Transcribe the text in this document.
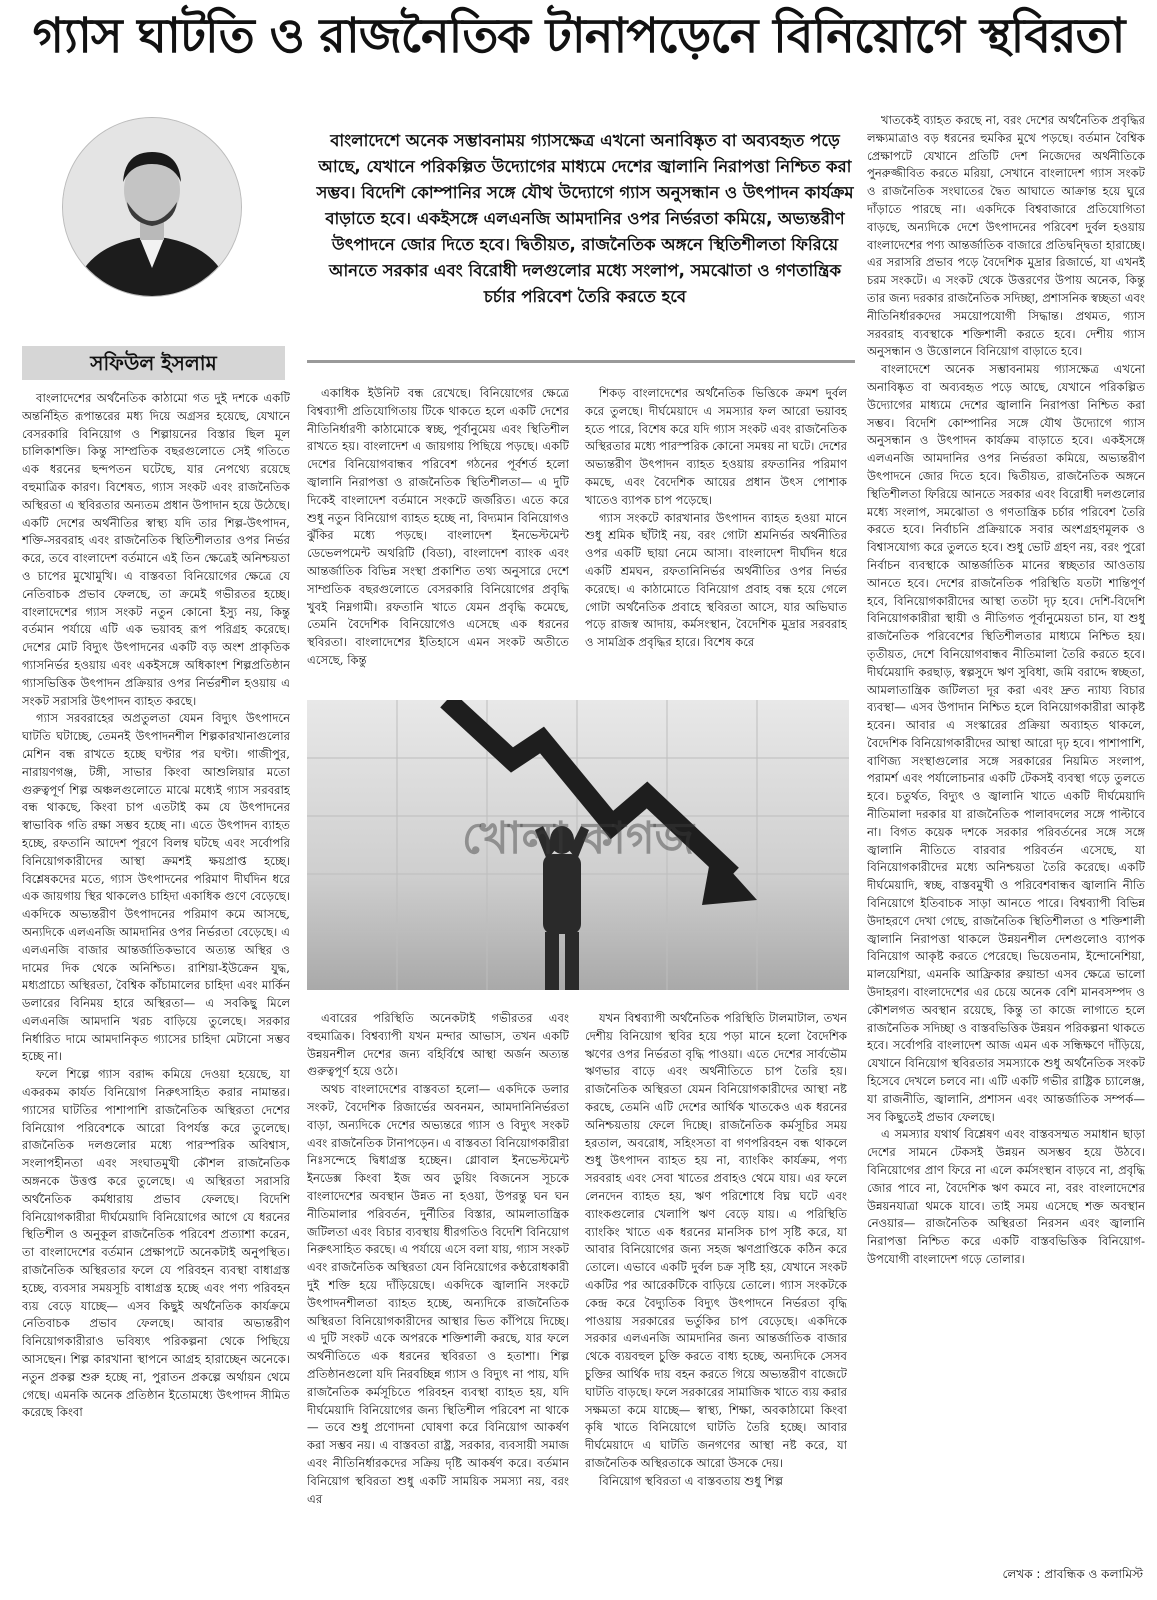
গ্যাস ঘাটতি ও রাজনৈতিক টানাপড়েনে বিনিয়োগে স্থবিরতা
সফিউল ইসলাম
বাংলাদেশে অনেক সম্ভাবনাময় গ্যাসক্ষেত্র এখনো অনাবিষ্কৃত বা অব্যবহৃত পড়ে আছে, যেখানে পরিকল্পিত উদ্যোগের মাধ্যমে দেশের জ্বালানি নিরাপত্তা নিশ্চিত করা সম্ভব। বিদেশি কোম্পানির সঙ্গে যৌথ উদ্যোগে গ্যাস অনুসন্ধান ও উৎপাদন কার্যক্রম বাড়াতে হবে। একইসঙ্গে এলএনজি আমদানির ওপর নির্ভরতা কমিয়ে, অভ্যন্তরীণ উৎপাদনে জোর দিতে হবে। দ্বিতীয়ত, রাজনৈতিক অঙ্গনে স্থিতিশীলতা ফিরিয়ে আনতে সরকার এবং বিরোধী দলগুলোর মধ্যে সংলাপ, সমঝোতা ও গণতান্ত্রিক চর্চার পরিবেশ তৈরি করতে হবে

বাংলাদেশের অর্থনৈতিক কাঠামো গত দুই দশকে একটি অন্তর্নিহিত রূপান্তরের মধ্য দিয়ে অগ্রসর হয়েছে, যেখানে বেসরকারি বিনিয়োগ ও শিল্পায়নের বিস্তার ছিল মূল চালিকাশক্তি। কিন্তু সাম্প্রতিক বছরগুলোতে সেই গতিতে এক ধরনের ছন্দপতন ঘটেছে, যার নেপথ্যে রয়েছে বহুমাত্রিক কারণ। বিশেষত, গ্যাস সংকট এবং রাজনৈতিক অস্থিরতা এ স্থবিরতার অন্যতম প্রধান উপাদান হয়ে উঠেছে। একটি দেশের অর্থনীতির স্বাস্থ্য যদি তার শিল্প-উৎপাদন, শক্তি-সরবরাহ এবং রাজনৈতিক স্থিতিশীলতার ওপর নির্ভর করে, তবে বাংলাদেশ বর্তমানে এই তিন ক্ষেত্রেই অনিশ্চয়তা ও চাপের মুখোমুখি। এ বাস্তবতা বিনিয়োগের ক্ষেত্রে যে নেতিবাচক প্রভাব ফেলছে, তা ক্রমেই গভীরতর হচ্ছে। বাংলাদেশের গ্যাস সংকট নতুন কোনো ইস্যু নয়, কিন্তু বর্তমান পর্যায়ে এটি এক ভয়াবহ রূপ পরিগ্রহ করেছে। দেশের মোট বিদ্যুৎ উৎপাদনের একটি বড় অংশ প্রাকৃতিক গ্যাসনির্ভর হওয়ায় এবং একইসঙ্গে অধিকাংশ শিল্পপ্রতিষ্ঠান গ্যাসভিত্তিক উৎপাদন প্রক্রিয়ার ওপর নির্ভরশীল হওয়ায় এ সংকট সরাসরি উৎপাদন ব্যাহত করছে।

গ্যাস সরবরাহের অপ্রতুলতা যেমন বিদ্যুৎ উৎপাদনে ঘাটতি ঘটাচ্ছে, তেমনই উৎপাদনশীল শিল্পকারখানাগুলোর মেশিন বন্ধ রাখতে হচ্ছে ঘণ্টার পর ঘণ্টা। গাজীপুর, নারায়ণগঞ্জ, টঙ্গী, সাভার কিংবা আশুলিয়ার মতো গুরুত্বপূর্ণ শিল্প অঞ্চলগুলোতে মাঝে মধ্যেই গ্যাস সরবরাহ বন্ধ থাকছে, কিংবা চাপ এতটাই কম যে উৎপাদনের স্বাভাবিক গতি রক্ষা সম্ভব হচ্ছে না। এতে উৎপাদন ব্যাহত হচ্ছে, রফতানি আদেশ পূরণে বিলম্ব ঘটছে এবং সর্বোপরি বিনিয়োগকারীদের আস্থা ক্রমশই ক্ষয়প্রাপ্ত হচ্ছে। বিশ্লেষকদের মতে, গ্যাস উৎপাদনের পরিমাণ দীর্ঘদিন ধরে এক জায়গায় স্থির থাকলেও চাহিদা একাধিক গুণে বেড়েছে। একদিকে অভ্যন্তরীণ উৎপাদনের পরিমাণ কমে আসছে, অন্যদিকে এলএনজি আমদানির ওপর নির্ভরতা বেড়েছে। এ এলএনজি বাজার আন্তর্জাতিকভাবে অত্যন্ত অস্থির ও দামের দিক থেকে অনিশ্চিত। রাশিয়া-ইউক্রেন যুদ্ধ, মধ্যপ্রাচ্যে অস্থিরতা, বৈশ্বিক কাঁচামালের চাহিদা এবং মার্কিন ডলারের বিনিময় হারে অস্থিরতা— এ সবকিছু মিলে এলএনজি আমদানি খরচ বাড়িয়ে তুলেছে। সরকার নির্ধারিত দামে আমদানিকৃত গ্যাসের চাহিদা মেটানো সম্ভব হচ্ছে না।

ফলে শিল্পে গ্যাস বরাদ্দ কমিয়ে দেওয়া হয়েছে, যা একরকম কার্যত বিনিয়োগ নিরুৎসাহিত করার নামান্তর। গ্যাসের ঘাটতির পাশাপাশি রাজনৈতিক অস্থিরতা দেশের বিনিয়োগ পরিবেশকে আরো বিপর্যস্ত করে তুলেছে। রাজনৈতিক দলগুলোর মধ্যে পারস্পরিক অবিশ্বাস, সংলাপহীনতা এবং সংঘাতমুখী কৌশল রাজনৈতিক অঙ্গনকে উত্তপ্ত করে তুলেছে। এ অস্থিরতা সরাসরি অর্থনৈতিক কর্মধারায় প্রভাব ফেলছে। বিদেশি বিনিয়োগকারীরা দীর্ঘমেয়াদি বিনিয়োগের আগে যে ধরনের স্থিতিশীল ও অনুকূল রাজনৈতিক পরিবেশ প্রত্যাশা করেন, তা বাংলাদেশের বর্তমান প্রেক্ষাপটে অনেকটাই অনুপস্থিত। রাজনৈতিক অস্থিরতার ফলে যে পরিবহন ব্যবস্থা বাধাগ্রস্ত হচ্ছে, ব্যবসার সময়সূচি বাধাগ্রস্ত হচ্ছে এবং পণ্য পরিবহন ব্যয় বেড়ে যাচ্ছে— এসব কিছুই অর্থনৈতিক কার্যক্রমে নেতিবাচক প্রভাব ফেলছে। আবার অভ্যন্তরীণ বিনিয়োগকারীরাও ভবিষ্যৎ পরিকল্পনা থেকে পিছিয়ে আসছেন। শিল্প কারখানা স্থাপনে আগ্রহ হারাচ্ছেন অনেকে। নতুন প্রকল্প শুরু হচ্ছে না, পুরাতন প্রকল্পে অর্থায়ন থেমে গেছে। এমনকি অনেক প্রতিষ্ঠান ইতোমধ্যে উৎপাদন সীমিত করেছে কিংবা

একাধিক ইউনিট বন্ধ রেখেছে। বিনিয়োগের ক্ষেত্রে বিশ্বব্যাপী প্রতিযোগিতায় টিকে থাকতে হলে একটি দেশের নীতিনির্ধারণী কাঠামোকে স্বচ্ছ, পূর্বানুমেয় এবং স্থিতিশীল রাখতে হয়। বাংলাদেশ এ জায়গায় পিছিয়ে পড়ছে। একটি দেশের বিনিয়োগবান্ধব পরিবেশ গঠনের পূর্বশর্ত হলো জ্বালানি নিরাপত্তা ও রাজনৈতিক স্থিতিশীলতা— এ দুটি দিকেই বাংলাদেশ বর্তমানে সংকটে জর্জরিত। এতে করে শুধু নতুন বিনিয়োগ ব্যাহত হচ্ছে না, বিদ্যমান বিনিয়োগও ঝুঁকির মধ্যে পড়ছে। বাংলাদেশ ইনভেস্টমেন্ট ডেভেলপমেন্ট অথরিটি (বিডা), বাংলাদেশ ব্যাংক এবং আন্তর্জাতিক বিভিন্ন সংস্থা প্রকাশিত তথ্য অনুসারে দেশে সাম্প্রতিক বছরগুলোতে বেসরকারি বিনিয়োগের প্রবৃদ্ধি খুবই নিম্নগামী। রফতানি খাতে যেমন প্রবৃদ্ধি কমেছে, তেমনি বৈদেশিক বিনিয়োগেও এসেছে এক ধরনের স্থবিরতা। বাংলাদেশের ইতিহাসে এমন সংকট অতীতে এসেছে, কিন্তু

শিকড় বাংলাদেশের অর্থনৈতিক ভিত্তিকে ক্রমশ দুর্বল করে তুলছে। দীর্ঘমেয়াদে এ সমস্যার ফল আরো ভয়াবহ হতে পারে, বিশেষ করে যদি গ্যাস সংকট এবং রাজনৈতিক অস্থিরতার মধ্যে পারস্পরিক কোনো সমন্বয় না ঘটে। দেশের অভ্যন্তরীণ উৎপাদন ব্যাহত হওয়ায় রফতানির পরিমাণ কমছে, এবং বৈদেশিক আয়ের প্রধান উৎস পোশাক খাতেও ব্যাপক চাপ পড়েছে।

গ্যাস সংকটে কারখানার উৎপাদন ব্যাহত হওয়া মানে শুধু শ্রমিক ছাঁটাই নয়, বরং গোটা শ্রমনির্ভর অর্থনীতির ওপর একটি ছায়া নেমে আসা। বাংলাদেশ দীর্ঘদিন ধরে একটি শ্রমঘন, রফতানিনির্ভর অর্থনীতির ওপর নির্ভর করেছে। এ কাঠামোতে বিনিয়োগ প্রবাহ বন্ধ হয়ে গেলে গোটা অর্থনৈতিক প্রবাহে স্থবিরতা আসে, যার অভিঘাত পড়ে রাজস্ব আদায়, কর্মসংস্থান, বৈদেশিক মুদ্রার সরবরাহ ও সামগ্রিক প্রবৃদ্ধির হারে। বিশেষ করে

খোলা কাগজ

এবারের পরিস্থিতি অনেকটাই গভীরতর এবং বহুমাত্রিক। বিশ্বব্যাপী যখন মন্দার আভাস, তখন একটি উন্নয়নশীল দেশের জন্য বহির্বিশ্বে আস্থা অর্জন অত্যন্ত গুরুত্বপূর্ণ হয়ে ওঠে।

অথচ বাংলাদেশের বাস্তবতা হলো— একদিকে ডলার সংকট, বৈদেশিক রিজার্ভের অবনমন, আমদানিনির্ভরতা বাড়া, অন্যদিকে দেশের অভ্যন্তরে গ্যাস ও বিদ্যুৎ সংকট এবং রাজনৈতিক টানাপড়েন। এ বাস্তবতা বিনিয়োগকারীরা নিঃসন্দেহে দ্বিধাগ্রস্ত হচ্ছেন। গ্লোবাল ইনভেস্টমেন্ট ইনডেক্স কিংবা ইজ অব ডুয়িং বিজনেস সূচকে বাংলাদেশের অবস্থান উন্নত না হওয়া, উপরন্তু ঘন ঘন নীতিমালার পরিবর্তন, দুর্নীতির বিস্তার, আমলাতান্ত্রিক জটিলতা এবং বিচার ব্যবস্থায় ধীরগতিও বিদেশি বিনিয়োগ নিরুৎসাহিত করছে। এ পর্যায়ে এসে বলা যায়, গ্যাস সংকট এবং রাজনৈতিক অস্থিরতা যেন বিনিয়োগের কণ্ঠরোধকারী দুই শক্তি হয়ে দাঁড়িয়েছে। একদিকে জ্বালানি সংকটে উৎপাদনশীলতা ব্যাহত হচ্ছে, অন্যদিকে রাজনৈতিক অস্থিরতা বিনিয়োগকারীদের আস্থার ভিত কাঁপিয়ে দিচ্ছে। এ দুটি সংকট একে অপরকে শক্তিশালী করছে, যার ফলে অর্থনীতিতে এক ধরনের স্থবিরতা ও হতাশা। শিল্প প্রতিষ্ঠানগুলো যদি নিরবচ্ছিন্ন গ্যাস ও বিদ্যুৎ না পায়, যদি রাজনৈতিক কর্মসূচিতে পরিবহন ব্যবস্থা ব্যাহত হয়, যদি দীর্ঘমেয়াদি বিনিয়োগের জন্য স্থিতিশীল পরিবেশ না থাকে— তবে শুধু প্রণোদনা ঘোষণা করে বিনিয়োগ আকর্ষণ করা সম্ভব নয়। এ বাস্তবতা রাষ্ট্র, সরকার, ব্যবসায়ী সমাজ এবং নীতিনির্ধারকদের সক্রিয় দৃষ্টি আকর্ষণ করে। বর্তমান বিনিয়োগ স্থবিরতা শুধু একটি সাময়িক সমস্যা নয়, বরং এর

যখন বিশ্বব্যাপী অর্থনৈতিক পরিস্থিতি টালমাটাল, তখন দেশীয় বিনিয়োগ স্থবির হয়ে পড়া মানে হলো বৈদেশিক ঋণের ওপর নির্ভরতা বৃদ্ধি পাওয়া। এতে দেশের সার্বভৌম ঋণভার বাড়ে এবং অর্থনীতিতে চাপ তৈরি হয়। রাজনৈতিক অস্থিরতা যেমন বিনিয়োগকারীদের আস্থা নষ্ট করছে, তেমনি এটি দেশের আর্থিক খাতকেও এক ধরনের অনিশ্চয়তায় ফেলে দিচ্ছে। রাজনৈতিক কর্মসূচির সময় হরতাল, অবরোধ, সহিংসতা বা গণপরিবহন বন্ধ থাকলে শুধু উৎপাদন ব্যাহত হয় না, ব্যাংকিং কার্যক্রম, পণ্য সরবরাহ এবং সেবা খাতের প্রবাহও থেমে যায়। এর ফলে লেনদেন ব্যাহত হয়, ঋণ পরিশোধে বিঘ্ন ঘটে এবং ব্যাংকগুলোর খেলাপি ঋণ বেড়ে যায়। এ পরিস্থিতি ব্যাংকিং খাতে এক ধরনের মানসিক চাপ সৃষ্টি করে, যা আবার বিনিয়োগের জন্য সহজ ঋণপ্রাপ্তিকে কঠিন করে তোলে। এভাবে একটি দুর্বল চক্র সৃষ্টি হয়, যেখানে সংকট একটির পর আরেকটিকে বাড়িয়ে তোলে। গ্যাস সংকটকে কেন্দ্র করে বৈদ্যুতিক বিদ্যুৎ উৎপাদনে নির্ভরতা বৃদ্ধি পাওয়ায় সরকারের ভর্তুকির চাপ বেড়েছে। একদিকে সরকার এলএনজি আমদানির জন্য আন্তর্জাতিক বাজার থেকে ব্যয়বহুল চুক্তি করতে বাধ্য হচ্ছে, অন্যদিকে সেসব চুক্তির আর্থিক দায় বহন করতে গিয়ে অভ্যন্তরীণ বাজেটে ঘাটতি বাড়ছে। ফলে সরকারের সামাজিক খাতে ব্যয় করার সক্ষমতা কমে যাচ্ছে— স্বাস্থ্য, শিক্ষা, অবকাঠামো কিংবা কৃষি খাতে বিনিয়োগে ঘাটতি তৈরি হচ্ছে। আবার দীর্ঘমেয়াদে এ ঘাটতি জনগণের আস্থা নষ্ট করে, যা রাজনৈতিক অস্থিরতাকে আরো উসকে দেয়।

বিনিয়োগ স্থবিরতা এ বাস্তবতায় শুধু শিল্প

খাতকেই ব্যাহত করছে না, বরং দেশের অর্থনৈতিক প্রবৃদ্ধির লক্ষ্যমাত্রাও বড় ধরনের হুমকির মুখে পড়ছে। বর্তমান বৈশ্বিক প্রেক্ষাপটে যেখানে প্রতিটি দেশ নিজেদের অর্থনীতিকে পুনরুজ্জীবিত করতে মরিয়া, সেখানে বাংলাদেশ গ্যাস সংকট ও রাজনৈতিক সংঘাতের দ্বৈত আঘাতে আক্রান্ত হয়ে ঘুরে দাঁড়াতে পারছে না। একদিকে বিশ্ববাজারে প্রতিযোগিতা বাড়ছে, অন্যদিকে দেশে উৎপাদনের পরিবেশ দুর্বল হওয়ায় বাংলাদেশের পণ্য আন্তর্জাতিক বাজারে প্রতিদ্বন্দ্বিতা হারাচ্ছে। এর সরাসরি প্রভাব পড়ে বৈদেশিক মুদ্রার রিজার্ভে, যা এখনই চরম সংকটে। এ সংকট থেকে উত্তরণের উপায় অনেক, কিন্তু তার জন্য দরকার রাজনৈতিক সদিচ্ছা, প্রশাসনিক স্বচ্ছতা এবং নীতিনির্ধারকদের সময়োপযোগী সিদ্ধান্ত। প্রথমত, গ্যাস সরবরাহ ব্যবস্থাকে শক্তিশালী করতে হবে। দেশীয় গ্যাস অনুসন্ধান ও উত্তোলনে বিনিয়োগ বাড়াতে হবে।

বাংলাদেশে অনেক সম্ভাবনাময় গ্যাসক্ষেত্র এখনো অনাবিষ্কৃত বা অব্যবহৃত পড়ে আছে, যেখানে পরিকল্পিত উদ্যোগের মাধ্যমে দেশের জ্বালানি নিরাপত্তা নিশ্চিত করা সম্ভব। বিদেশি কোম্পানির সঙ্গে যৌথ উদ্যোগে গ্যাস অনুসন্ধান ও উৎপাদন কার্যক্রম বাড়াতে হবে। একইসঙ্গে এলএনজি আমদানির ওপর নির্ভরতা কমিয়ে, অভ্যন্তরীণ উৎপাদনে জোর দিতে হবে। দ্বিতীয়ত, রাজনৈতিক অঙ্গনে স্থিতিশীলতা ফিরিয়ে আনতে সরকার এবং বিরোধী দলগুলোর মধ্যে সংলাপ, সমঝোতা ও গণতান্ত্রিক চর্চার পরিবেশ তৈরি করতে হবে। নির্বাচনি প্রক্রিয়াকে সবার অংশগ্রহণমূলক ও বিশ্বাসযোগ্য করে তুলতে হবে। শুধু ভোট গ্রহণ নয়, বরং পুরো নির্বাচন ব্যবস্থাকে আন্তর্জাতিক মানের স্বচ্ছতার আওতায় আনতে হবে। দেশের রাজনৈতিক পরিস্থিতি যতটা শান্তিপূর্ণ হবে, বিনিয়োগকারীদের আস্থা ততটা দৃঢ় হবে। দেশি-বিদেশি বিনিয়োগকারীরা স্থায়ী ও নীতিগত পূর্বানুমেয়তা চান, যা শুধু রাজনৈতিক পরিবেশের স্থিতিশীলতার মাধ্যমে নিশ্চিত হয়। তৃতীয়ত, দেশে বিনিয়োগবান্ধব নীতিমালা তৈরি করতে হবে। দীর্ঘমেয়াদি করছাড়, স্বল্পসুদে ঋণ সুবিধা, জমি বরাদ্দে স্বচ্ছতা, আমলাতান্ত্রিক জটিলতা দূর করা এবং দ্রুত ন্যায্য বিচার ব্যবস্থা— এসব উপাদান নিশ্চিত হলে বিনিয়োগকারীরা আকৃষ্ট হবেন। আবার এ সংস্কারের প্রক্রিয়া অব্যাহত থাকলে, বৈদেশিক বিনিয়োগকারীদের আস্থা আরো দৃঢ় হবে। পাশাপাশি, বাণিজ্য সংস্থাগুলোর সঙ্গে সরকারের নিয়মিত সংলাপ, পরামর্শ এবং পর্যালোচনার একটি টেকসই ব্যবস্থা গড়ে তুলতে হবে। চতুর্থত, বিদ্যুৎ ও জ্বালানি খাতে একটি দীর্ঘমেয়াদি নীতিমালা দরকার যা রাজনৈতিক পালাবদলের সঙ্গে পাল্টাবে না। বিগত কয়েক দশকে সরকার পরিবর্তনের সঙ্গে সঙ্গে জ্বালানি নীতিতে বারবার পরিবর্তন এসেছে, যা বিনিয়োগকারীদের মধ্যে অনিশ্চয়তা তৈরি করেছে। একটি দীর্ঘমেয়াদি, স্বচ্ছ, বাস্তবমুখী ও পরিবেশবান্ধব জ্বালানি নীতি বিনিয়োগে ইতিবাচক সাড়া আনতে পারে। বিশ্বব্যাপী বিভিন্ন উদাহরণে দেখা গেছে, রাজনৈতিক স্থিতিশীলতা ও শক্তিশালী জ্বালানি নিরাপত্তা থাকলে উন্নয়নশীল দেশগুলোও ব্যাপক বিনিয়োগ আকৃষ্ট করতে পেরেছে। ভিয়েতনাম, ইন্দোনেশিয়া, মালয়েশিয়া, এমনকি আফ্রিকার রুয়ান্ডা এসব ক্ষেত্রে ভালো উদাহরণ। বাংলাদেশের এর চেয়ে অনেক বেশি মানবসম্পদ ও কৌশলগত অবস্থান রয়েছে, কিন্তু তা কাজে লাগাতে হলে রাজনৈতিক সদিচ্ছা ও বাস্তবভিত্তিক উন্নয়ন পরিকল্পনা থাকতে হবে। সর্বোপরি বাংলাদেশ আজ এমন এক সন্ধিক্ষণে দাঁড়িয়ে, যেখানে বিনিয়োগ স্থবিরতার সমস্যাকে শুধু অর্থনৈতিক সংকট হিসেবে দেখলে চলবে না। এটি একটি গভীর রাষ্ট্রিক চ্যালেঞ্জ, যা রাজনীতি, জ্বালানি, প্রশাসন এবং আন্তর্জাতিক সম্পর্ক— সব কিছুতেই প্রভাব ফেলছে।

এ সমস্যার যথার্থ বিশ্লেষণ এবং বাস্তবসম্মত সমাধান ছাড়া দেশের সামনে টেকসই উন্নয়ন অসম্ভব হয়ে উঠবে। বিনিয়োগের প্রাণ ফিরে না এলে কর্মসংস্থান বাড়বে না, প্রবৃদ্ধি জোর পাবে না, বৈদেশিক ঋণ কমবে না, বরং বাংলাদেশের উন্নয়নযাত্রা থমকে যাবে। তাই সময় এসেছে শক্ত অবস্থান নেওয়ার— রাজনৈতিক অস্থিরতা নিরসন এবং জ্বালানি নিরাপত্তা নিশ্চিত করে একটি বাস্তবভিত্তিক বিনিয়োগ-উপযোগী বাংলাদেশ গড়ে তোলার।

লেখক : প্রাবন্ধিক ও কলামিস্ট
